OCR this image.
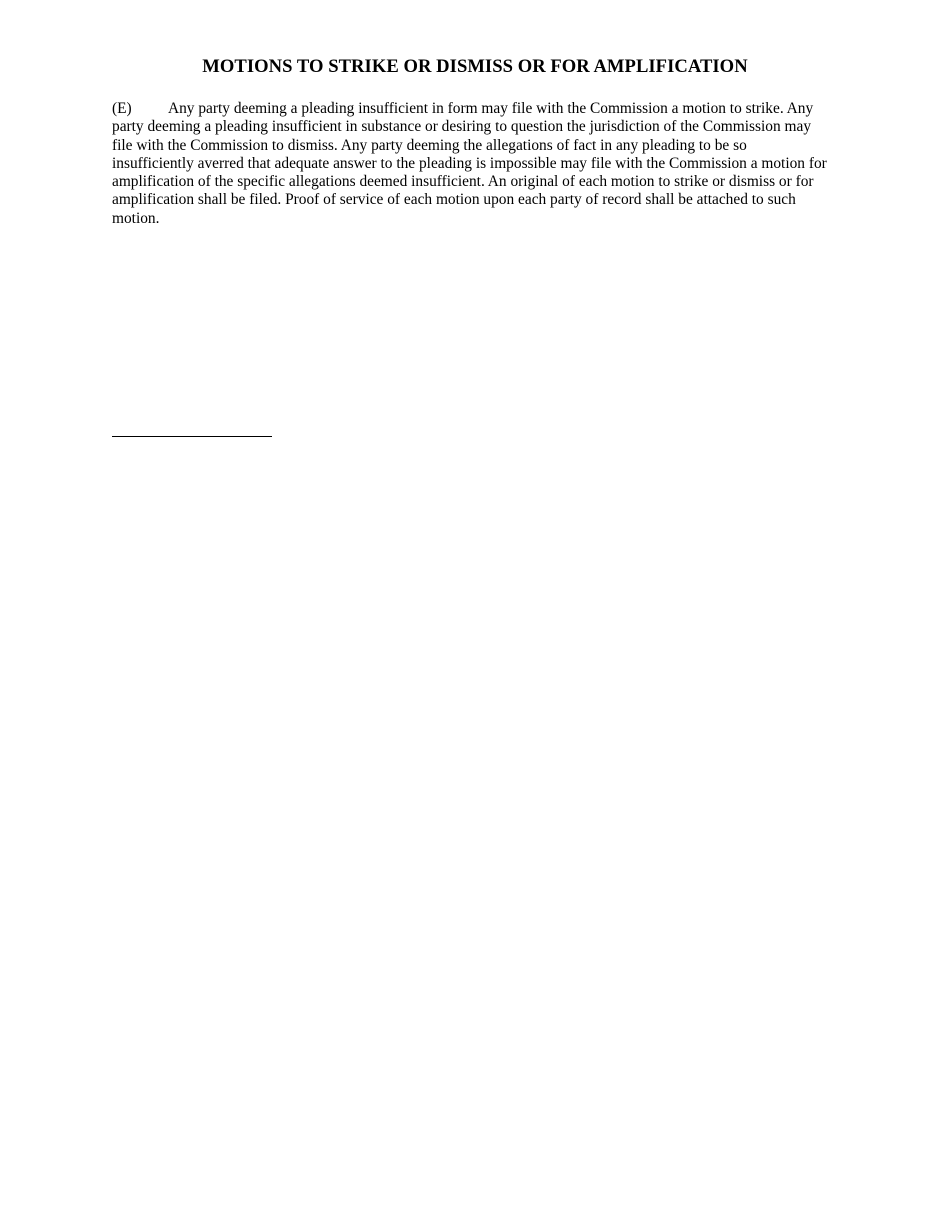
MOTIONS TO STRIKE OR DISMISS OR FOR AMPLIFICATION
(E) Any party deeming a pleading insufficient in form may file with the Commission a motion to strike. Any
party deeming a pleading insufficient in substance or desiring to question the jurisdiction of the Commission may
file with the Commission to dismiss. Any party deeming the allegations of fact in any pleading to be so
insufficiently averred that adequate answer to the pleading is impossible may file with the Commission a motion for
amplification of the specific allegations deemed insufficient. An original of each motion to strike or dismiss or for
amplification shall be filed. Proof of service of each motion upon each party of record shall be attached to such
motion.
